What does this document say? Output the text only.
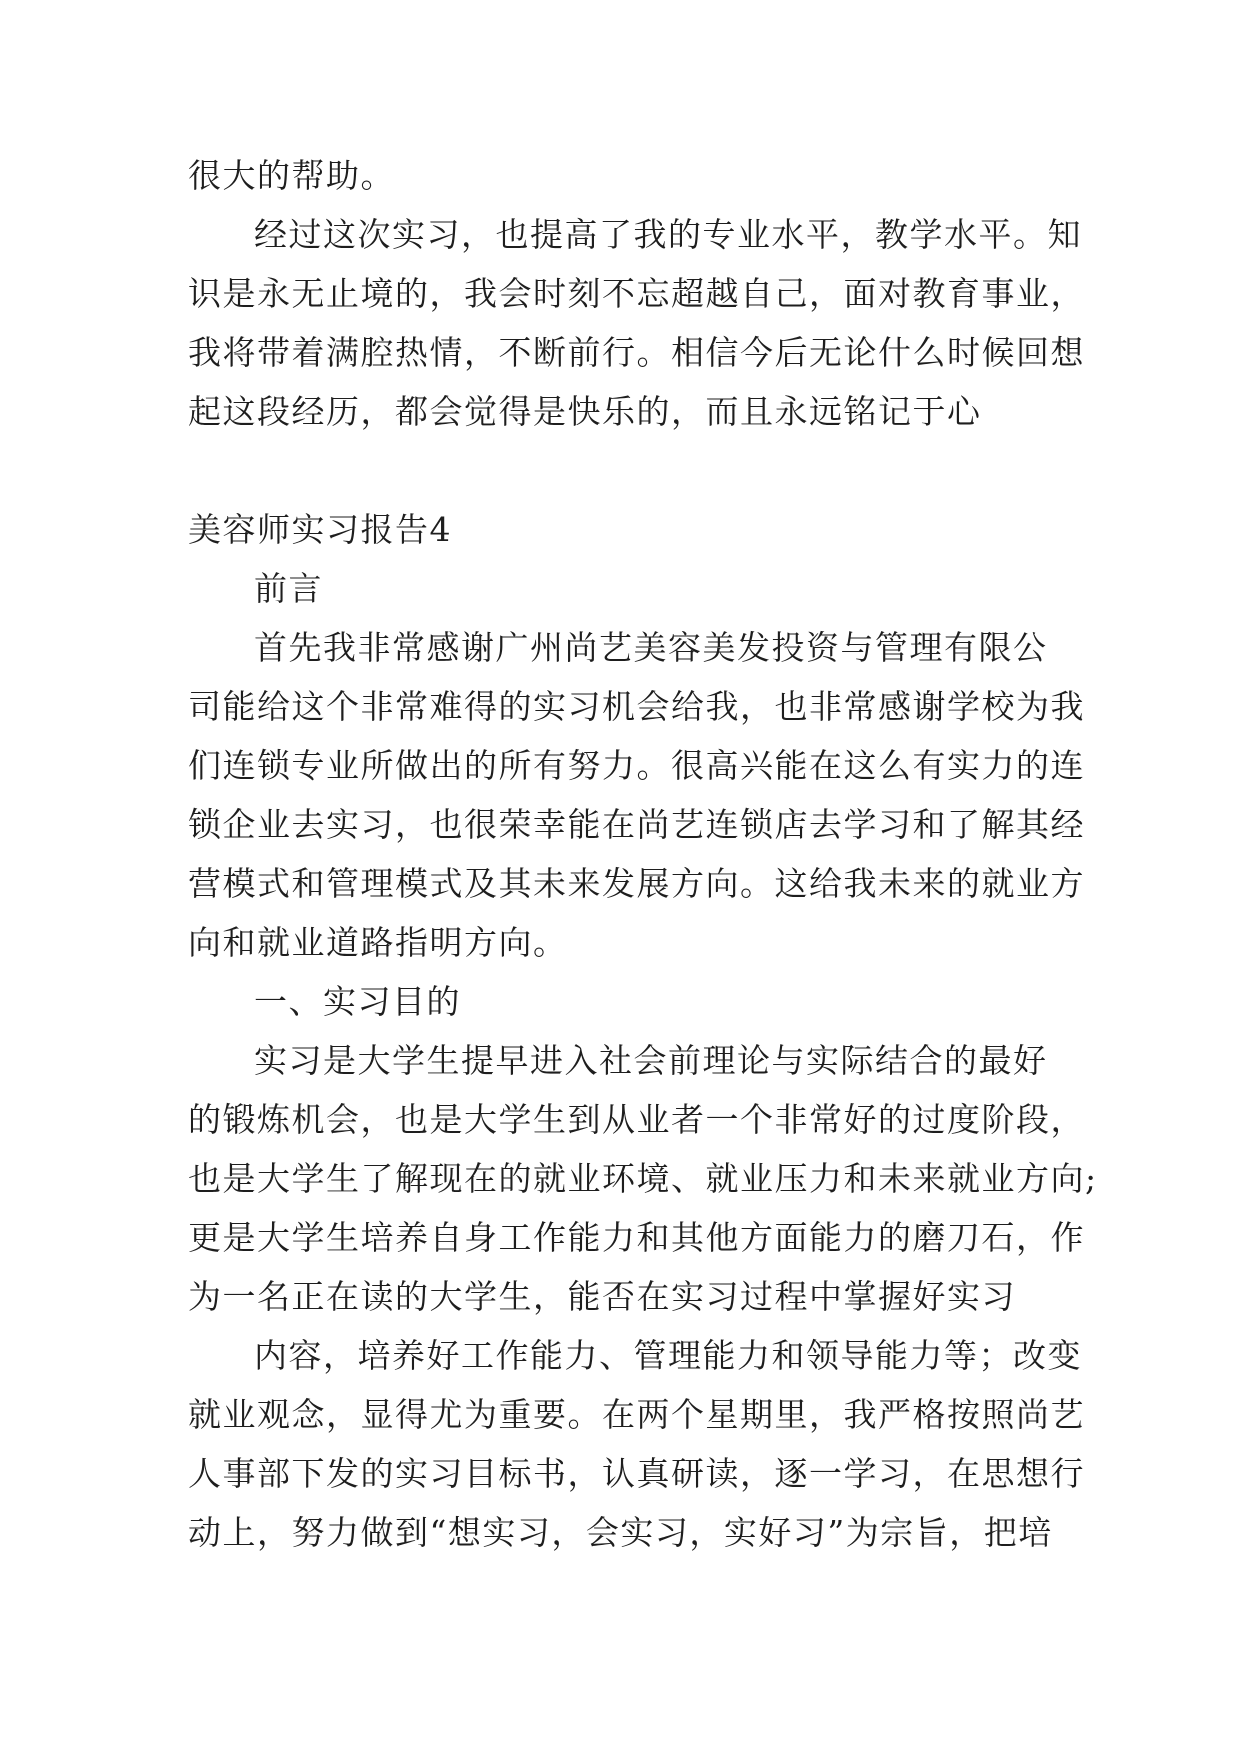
很大的帮助。
经过这次实习，也提高了我的专业水平，教学水平。知
识是永无止境的，我会时刻不忘超越自己，面对教育事业，
我将带着满腔热情，不断前行。相信今后无论什么时候回想
起这段经历，都会觉得是快乐的，而且永远铭记于心
美容师实习报告4
前言
首先我非常感谢广州尚艺美容美发投资与管理有限公
司能给这个非常难得的实习机会给我，也非常感谢学校为我
们连锁专业所做出的所有努力。很高兴能在这么有实力的连
锁企业去实习，也很荣幸能在尚艺连锁店去学习和了解其经
营模式和管理模式及其未来发展方向。这给我未来的就业方
向和就业道路指明方向。
一、实习目的
实习是大学生提早进入社会前理论与实际结合的最好
的锻炼机会，也是大学生到从业者一个非常好的过度阶段，
也是大学生了解现在的就业环境、就业压力和未来就业方向;
更是大学生培养自身工作能力和其他方面能力的磨刀石，作
为一名正在读的大学生，能否在实习过程中掌握好实习
内容，培养好工作能力、管理能力和领导能力等；改变
就业观念，显得尤为重要。在两个星期里，我严格按照尚艺
人事部下发的实习目标书，认真研读，逐一学习，在思想行
动上，努力做到“想实习，会实习，实好习”为宗旨，把培
